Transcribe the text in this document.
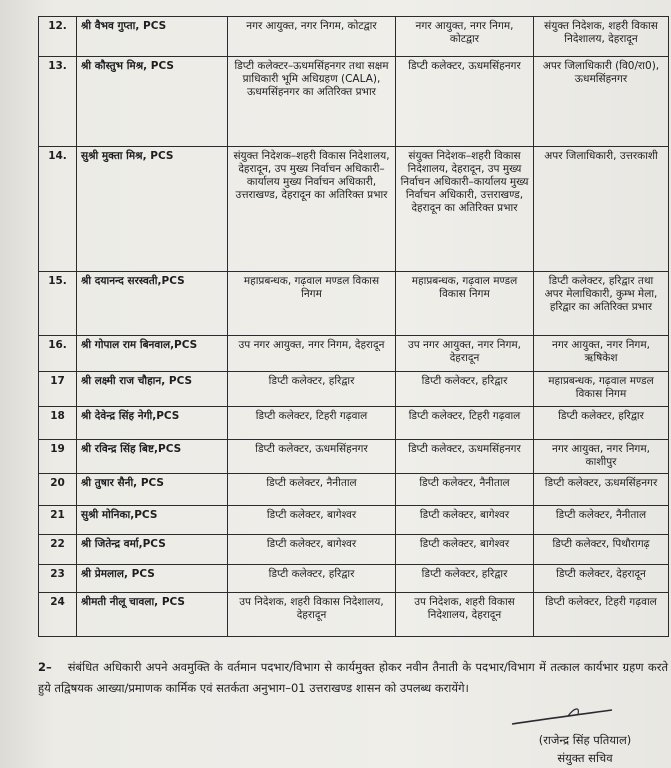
12.	श्री वैभव गुप्ता, PCS	नगर आयुक्त, नगर निगम, कोटद्वार	नगर आयुक्त, नगर निगम, कोटद्वार	संयुक्त निदेशक, शहरी विकास निदेशालय, देहरादून
13.	श्री कौस्तुभ मिश्र, PCS	डिप्टी कलेक्टर–ऊधमसिंहनगर तथा सक्षम प्राधिकारी भूमि अधिग्रहण (CALA), ऊधमसिंहनगर का अतिरिक्त प्रभार	डिप्टी कलेक्टर, ऊधमसिंहनगर	अपर जिलाधिकारी (वि0/रा0), ऊधमसिंहनगर
14.	सुश्री मुक्ता मिश्र, PCS	संयुक्त निदेशक–शहरी विकास निदेशालय, देहरादून, उप मुख्य निर्वाचन अधिकारी–कार्यालय मुख्य निर्वाचन अधिकारी, उत्तराखण्ड, देहरादून का अतिरिक्त प्रभार	संयुक्त निदेशक–शहरी विकास निदेशालय, देहरादून, उप मुख्य निर्वाचन अधिकारी–कार्यालय मुख्य निर्वाचन अधिकारी, उत्तराखण्ड, देहरादून का अतिरिक्त प्रभार	अपर जिलाधिकारी, उत्तरकाशी
15.	श्री दयानन्द सरस्वती,PCS	महाप्रबन्धक, गढ़वाल मण्डल विकास निगम	महाप्रबन्धक, गढ़वाल मण्डल विकास निगम	डिप्टी कलेक्टर, हरिद्वार तथा अपर मेलाधिकारी, कुम्भ मेला, हरिद्वार का अतिरिक्त प्रभार
16.	श्री गोपाल राम बिनवाल,PCS	उप नगर आयुक्त, नगर निगम, देहरादून	उप नगर आयुक्त, नगर निगम, देहरादून	नगर आयुक्त, नगर निगम, ऋषिकेश
17	श्री लक्ष्मी राज चौहान, PCS	डिप्टी कलेक्टर, हरिद्वार	डिप्टी कलेक्टर, हरिद्वार	महाप्रबन्धक, गढ़वाल मण्डल विकास निगम
18	श्री देवेन्द्र सिंह नेगी,PCS	डिप्टी कलेक्टर, टिहरी गढ़वाल	डिप्टी कलेक्टर, टिहरी गढ़वाल	डिप्टी कलेक्टर, हरिद्वार
19	श्री रविन्द्र सिंह बिष्ट,PCS	डिप्टी कलेक्टर, ऊधमसिंहनगर	डिप्टी कलेक्टर, ऊधमसिंहनगर	नगर आयुक्त, नगर निगम, काशीपुर
20	श्री तुषार सैनी, PCS	डिप्टी कलेक्टर, नैनीताल	डिप्टी कलेक्टर, नैनीताल	डिप्टी कलेक्टर, ऊधमसिंहनगर
21	सुश्री मोनिका,PCS	डिप्टी कलेक्टर, बागेश्वर	डिप्टी कलेक्टर, बागेश्वर	डिप्टी कलेक्टर, नैनीताल
22	श्री जितेन्द्र वर्मा,PCS	डिप्टी कलेक्टर, बागेश्वर	डिप्टी कलेक्टर, बागेश्वर	डिप्टी कलेक्टर, पिथौरागढ़
23	श्री प्रेमलाल, PCS	डिप्टी कलेक्टर, हरिद्वार	डिप्टी कलेक्टर, हरिद्वार	डिप्टी कलेक्टर, देहरादून
24	श्रीमती नीलू चावला, PCS	उप निदेशक, शहरी विकास निदेशालय, देहरादून	उप निदेशक, शहरी विकास निदेशालय, देहरादून	डिप्टी कलेक्टर, टिहरी गढ़वाल
2– संबंधित अधिकारी अपने अवमुक्ति के वर्तमान पदभार/विभाग से कार्यमुक्त होकर नवीन तैनाती के पदभार/विभाग में तत्काल कार्यभार ग्रहण करते हुये तद्विषयक आख्या/प्रमाणक कार्मिक एवं सतर्कता अनुभाग–01 उत्तराखण्ड शासन को उपलब्ध करायेंगे।
(राजेन्द्र सिंह पतियाल)
संयुक्त सचिव
